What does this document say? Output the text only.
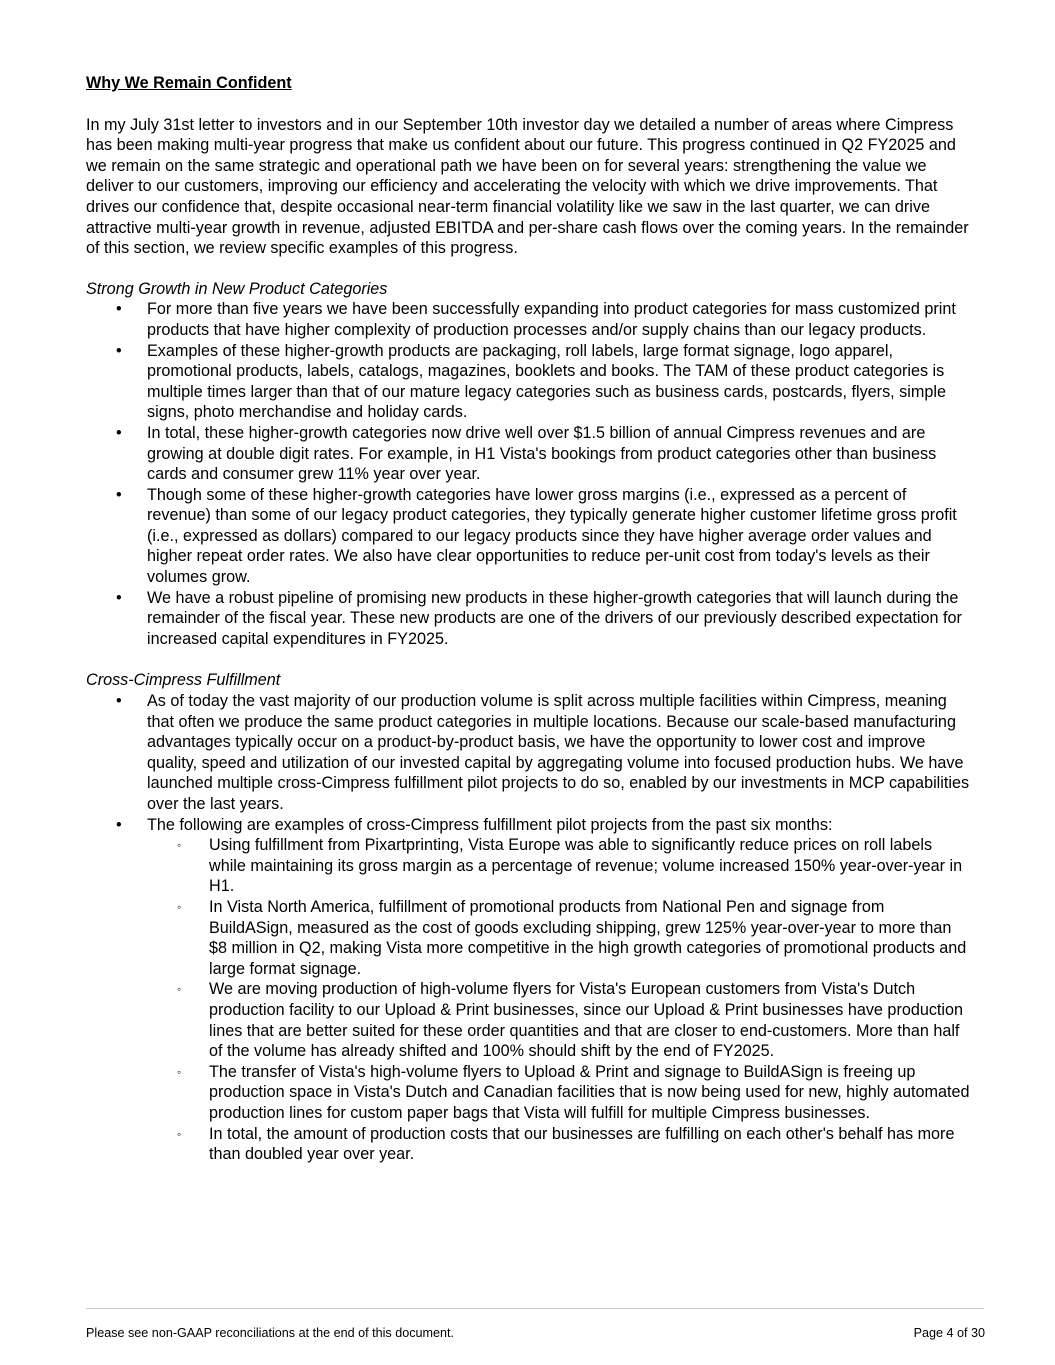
Why We Remain Confident

In my July 31st letter to investors and in our September 10th investor day we detailed a number of areas where Cimpress has been making multi-year progress that make us confident about our future. This progress continued in Q2 FY2025 and we remain on the same strategic and operational path we have been on for several years: strengthening the value we deliver to our customers, improving our efficiency and accelerating the velocity with which we drive improvements. That drives our confidence that, despite occasional near-term financial volatility like we saw in the last quarter, we can drive attractive multi-year growth in revenue, adjusted EBITDA and per-share cash flows over the coming years. In the remainder of this section, we review specific examples of this progress.

Strong Growth in New Product Categories

• For more than five years we have been successfully expanding into product categories for mass customized print products that have higher complexity of production processes and/or supply chains than our legacy products.
• Examples of these higher-growth products are packaging, roll labels, large format signage, logo apparel, promotional products, labels, catalogs, magazines, booklets and books. The TAM of these product categories is multiple times larger than that of our mature legacy categories such as business cards, postcards, flyers, simple signs, photo merchandise and holiday cards.
• In total, these higher-growth categories now drive well over $1.5 billion of annual Cimpress revenues and are growing at double digit rates. For example, in H1 Vista's bookings from product categories other than business cards and consumer grew 11% year over year.
• Though some of these higher-growth categories have lower gross margins (i.e., expressed as a percent of revenue) than some of our legacy product categories, they typically generate higher customer lifetime gross profit (i.e., expressed as dollars) compared to our legacy products since they have higher average order values and higher repeat order rates. We also have clear opportunities to reduce per-unit cost from today's levels as their volumes grow.
• We have a robust pipeline of promising new products in these higher-growth categories that will launch during the remainder of the fiscal year. These new products are one of the drivers of our previously described expectation for increased capital expenditures in FY2025.

Cross-Cimpress Fulfillment

• As of today the vast majority of our production volume is split across multiple facilities within Cimpress, meaning that often we produce the same product categories in multiple locations. Because our scale-based manufacturing advantages typically occur on a product-by-product basis, we have the opportunity to lower cost and improve quality, speed and utilization of our invested capital by aggregating volume into focused production hubs. We have launched multiple cross-Cimpress fulfillment pilot projects to do so, enabled by our investments in MCP capabilities over the last years.
• The following are examples of cross-Cimpress fulfillment pilot projects from the past six months:
◦ Using fulfillment from Pixartprinting, Vista Europe was able to significantly reduce prices on roll labels while maintaining its gross margin as a percentage of revenue; volume increased 150% year-over-year in H1.
◦ In Vista North America, fulfillment of promotional products from National Pen and signage from BuildASign, measured as the cost of goods excluding shipping, grew 125% year-over-year to more than $8 million in Q2, making Vista more competitive in the high growth categories of promotional products and large format signage.
◦ We are moving production of high-volume flyers for Vista's European customers from Vista's Dutch production facility to our Upload & Print businesses, since our Upload & Print businesses have production lines that are better suited for these order quantities and that are closer to end-customers. More than half of the volume has already shifted and 100% should shift by the end of FY2025.
◦ The transfer of Vista's high-volume flyers to Upload & Print and signage to BuildASign is freeing up production space in Vista's Dutch and Canadian facilities that is now being used for new, highly automated production lines for custom paper bags that Vista will fulfill for multiple Cimpress businesses.
◦ In total, the amount of production costs that our businesses are fulfilling on each other's behalf has more than doubled year over year.
Please see non-GAAP reconciliations at the end of this document.	Page 4 of 30
